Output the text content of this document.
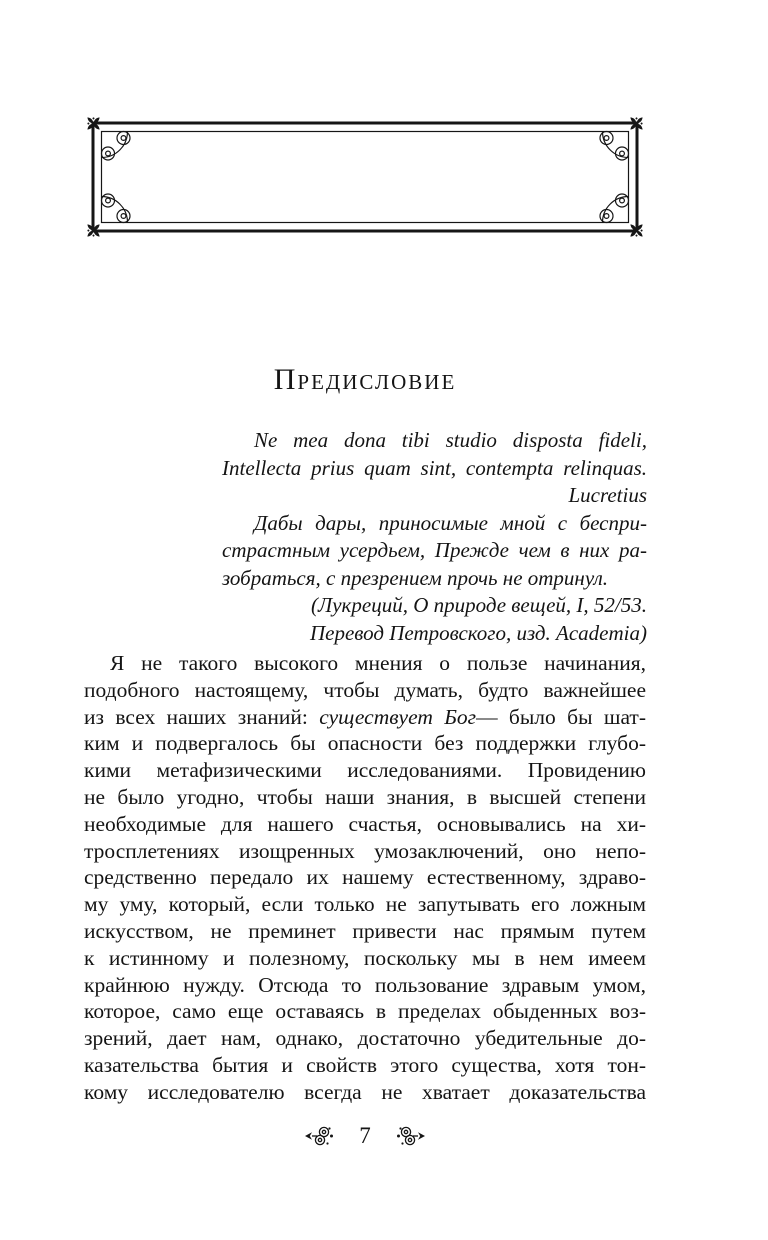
Предисловие
Ne mea dona tibi studio disposta fideli,
Intellecta prius quam sint, contempta relinquas.
Lucretius
Дабы дары, приносимые мной с беспри-
страстным усердьем, Прежде чем в них ра-
зобраться, с презрением прочь не отринул.
(Лукреций, О природе вещей, I, 52/53.
Перевод Петровского, изд. Academia)
Я не такого высокого мнения о пользе начинания,
подобного настоящему, чтобы думать, будто важнейшее
из всех наших знаний: существует Бог— было бы шат-
ким и подвергалось бы опасности без поддержки глубо-
кими метафизическими исследованиями. Провидению
не было угодно, чтобы наши знания, в высшей степени
необходимые для нашего счастья, основывались на хи-
тросплетениях изощренных умозаключений, оно непо-
средственно передало их нашему естественному, здраво-
му уму, который, если только не запутывать его ложным
искусством, не преминет привести нас прямым путем
к истинному и полезному, поскольку мы в нем имеем
крайнюю нужду. Отсюда то пользование здравым умом,
которое, само еще оставаясь в пределах обыденных воз-
зрений, дает нам, однако, достаточно убедительные до-
казательства бытия и свойств этого существа, хотя тон-
кому исследователю всегда не хватает доказательства
7
